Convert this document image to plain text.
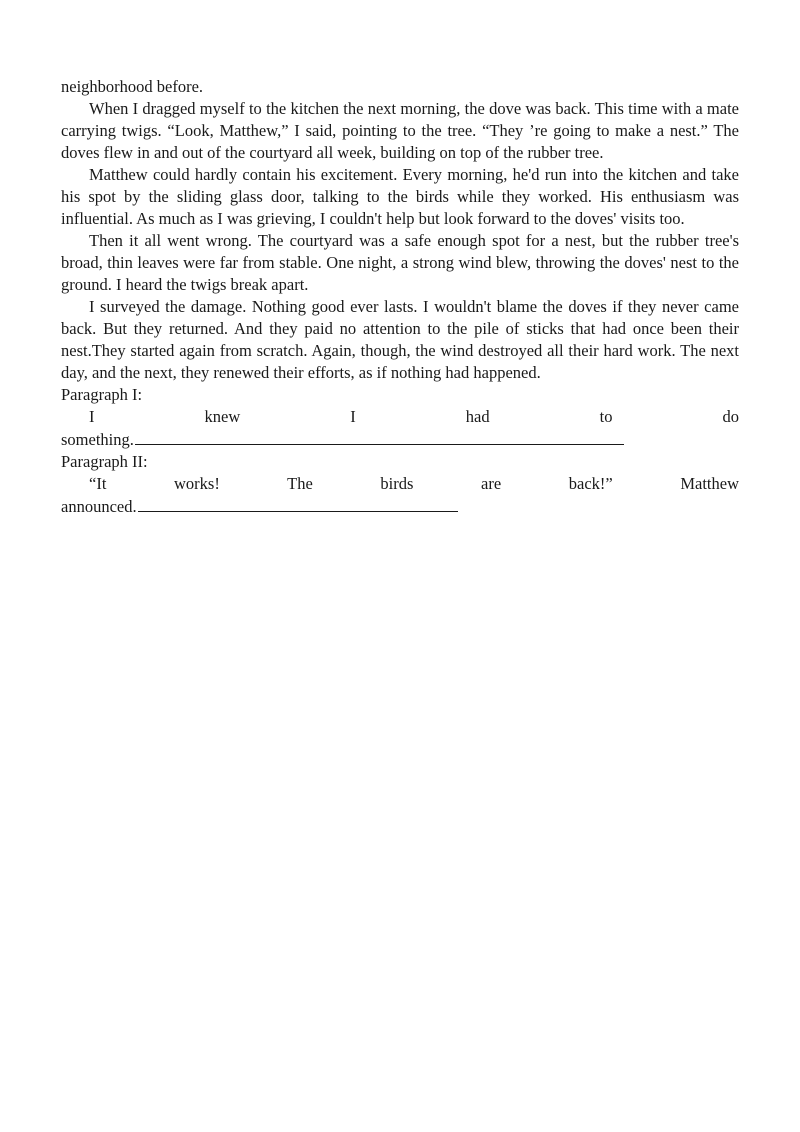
neighborhood before.

When I dragged myself to the kitchen the next morning, the dove was back. This time with a mate carrying twigs. “Look, Matthew,” I said, pointing to the tree. “They ’re going to make a nest.” The doves flew in and out of the courtyard all week, building on top of the rubber tree.

Matthew could hardly contain his excitement. Every morning, he'd run into the kitchen and take his spot by the sliding glass door, talking to the birds while they worked. His enthusiasm was influential. As much as I was grieving, I couldn't help but look forward to the doves' visits too.

Then it all went wrong. The courtyard was a safe enough spot for a nest, but the rubber tree's broad, thin leaves were far from stable. One night, a strong wind blew, throwing the doves' nest to the ground. I heard the twigs break apart.

I surveyed the damage. Nothing good ever lasts. I wouldn't blame the doves if they never came back. But they returned. And they paid no attention to the pile of sticks that had once been their nest.They started again from scratch. Again, though, the wind destroyed all their hard work. The next day, and the next, they renewed their efforts, as if nothing had happened.

Paragraph I:

I knew I had to do

something.

Paragraph II:

“It works! The birds are back!” Matthew

announced.
